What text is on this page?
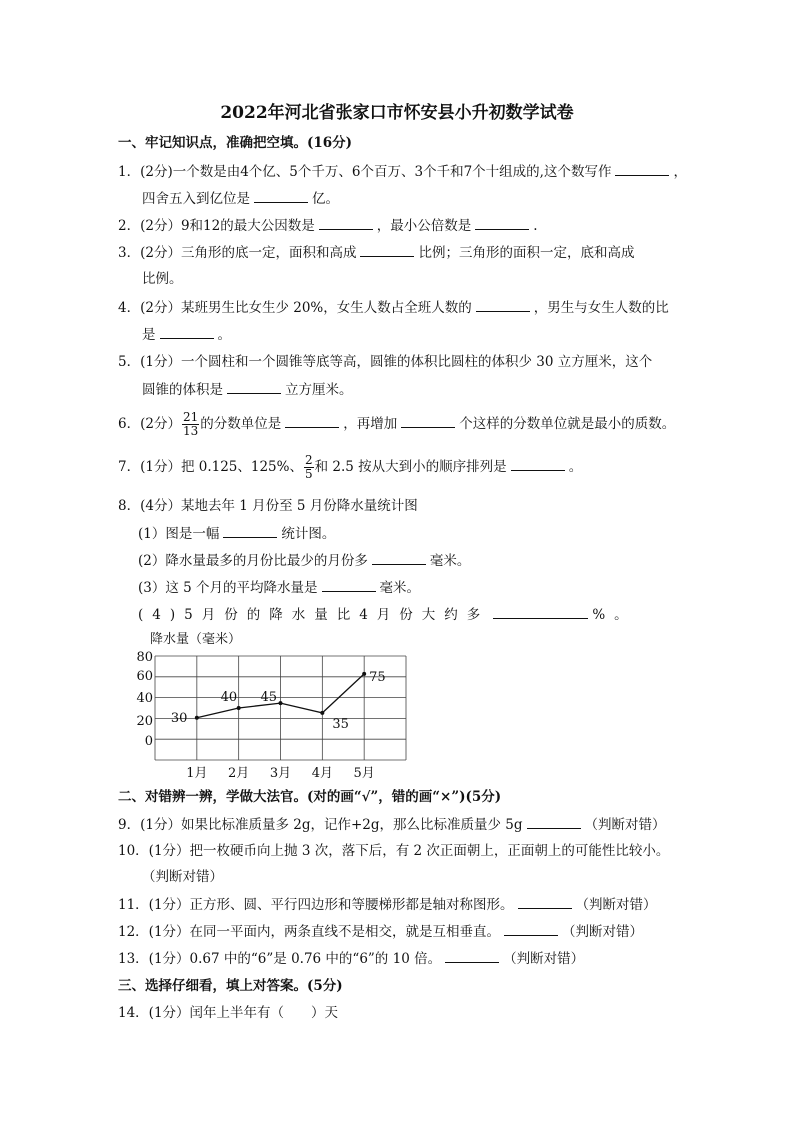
2022年河北省张家口市怀安县小升初数学试卷
一、牢记知识点，准确把空填。(16分)
1．(2分)一个数是由4个亿、5个千万、6个百万、3个千和7个十组成的,这个数写作	，
四舍五入到亿位是	亿。
2．(2分）9和12的最大公因数是	，最小公倍数是	.
3．(2分）三角形的底一定，面积和高成	比例；三角形的面积一定，底和高成
比例。
4．(2分）某班男生比女生少 20%，女生人数占全班人数的	，男生与女生人数的比
是	。
5．(1分）一个圆柱和一个圆锥等底等高，圆锥的体积比圆柱的体积少 30 立方厘米，这个
圆锥的体积是	立方厘米。
6．(2分） $\frac{21}{13}$ 的分数单位是	，再增加	个这样的分数单位就是最小的质数。
7．(1分）把 0.125、125%、 $\frac{2}{5}$ 和 2.5 按从大到小的顺序排列是	。
8．(4分）某地去年 1 月份至 5 月份降水量统计图
(1）图是一幅	统计图。
(2）降水量最多的月份比最少的月份多	毫米。
(3）这 5 个月的平均降水量是	毫米。
(4)5月份的降水量比4月份大约多	%。
30
40 45
35
75
80
60
40
20
0
1月 2月 3月 4月 5月
降水量（毫米）
二、对错辨一辨，学做大法官。(对的画“√”，错的画“×”)(5分)
9．(1分）如果比标准质量多 2g，记作+2g，那么比标准质量少 5g	（判断对错）
10．(1分）把一枚硬币向上抛 3 次，落下后，有 2 次正面朝上，正面朝上的可能性比较小。
（判断对错）
11．(1分）正方形、圆、平行四边形和等腰梯形都是轴对称图形。	（判断对错）
12．(1分）在同一平面内，两条直线不是相交，就是互相垂直。	（判断对错）
13．(1分）0.67 中的“6”是 0.76 中的“6”的 10 倍。	（判断对错）
三、选择仔细看，填上对答案。(5分)
14．(1分）闰年上半年有（　　）天
